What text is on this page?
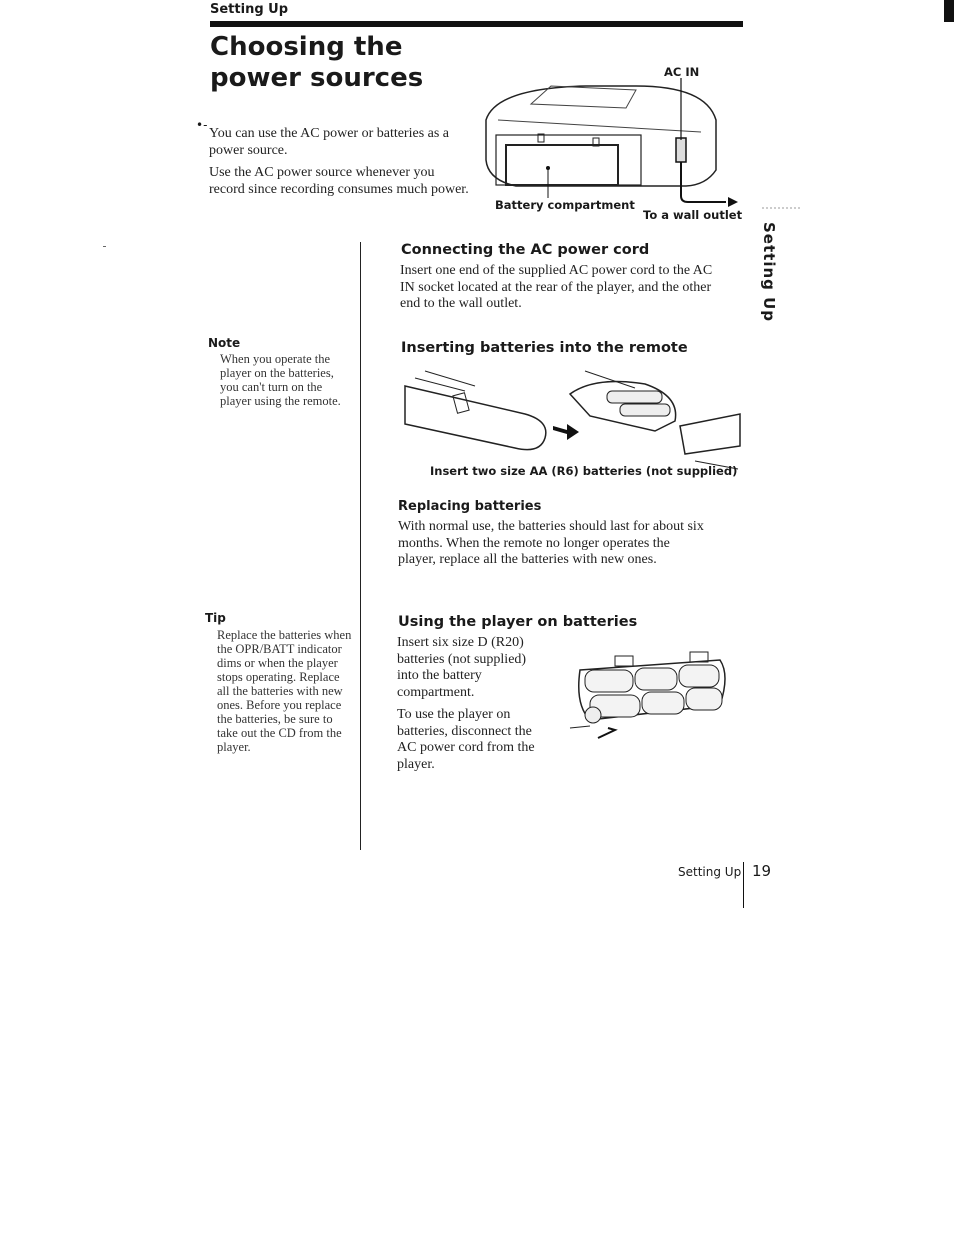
Setting Up
Choosing the power sources
•-
You can use the AC power or batteries as a power source.
Use the AC power source whenever you record since recording consumes much power.
AC IN
Battery compartment
To a wall outlet
Setting Up
Connecting the AC power cord
Insert one end of the supplied AC power cord to the AC IN socket located at the rear of the player, and the other end to the wall outlet.
Note
When you operate the player on the batteries, you can't turn on the player using the remote.
Inserting batteries into the remote
Insert two size AA (R6) batteries (not supplied)
Replacing batteries
With normal use, the batteries should last for about six months. When the remote no longer operates the player, replace all the batteries with new ones.
Tip
Replace the batteries when the OPR/BATT indicator dims or when the player stops operating. Replace all the batteries with new ones. Before you replace the batteries, be sure to take out the CD from the player.
Using the player on batteries
Insert six size D (R20) batteries (not supplied) into the battery compartment.
To use the player on batteries, disconnect the AC power cord from the player.
Setting Up 19
